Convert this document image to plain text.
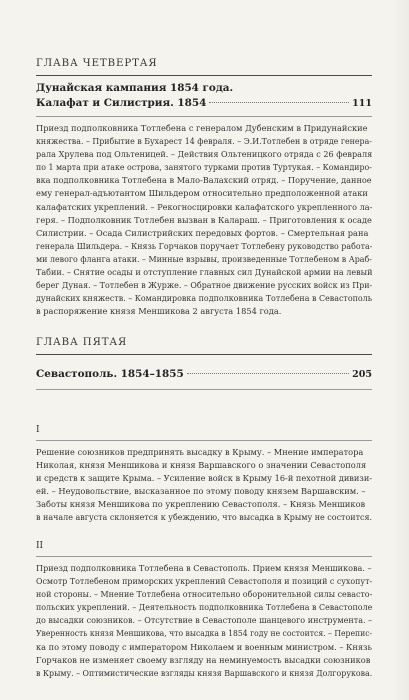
ГЛАВА ЧЕТВЕРТАЯ
Дунайская кампания 1854 года.
Калафат и Силистрия. 1854	111
Приезд подполковника Тотлебена с генералом Дубенским в Придунайские
княжества. – Прибытие в Бухарест 14 февраля. – Э.И.Тотлебен в отряде генера-
рала Хрулева под Ольтеницей. – Действия Ольтеницкого отряда с 26 февраля
по 1 марта при атаке острова, занятого турками против Туртукая. – Командиро-
вка подполковника Тотлебена в Мало-Валахский отряд. – Поручение, данное
ему генерал-адъютантом Шильдером относительно предположенной атаки
калафатских укреплений. – Рекогносцировки калафатского укрепленного ла-
геря. – Подполковник Тотлебен вызван в Калараш. – Приготовления к осаде
Силистрии. – Осада Силистрийских передовых фортов. – Смертельная рана
генерала Шильдера. – Князь Горчаков поручает Тотлебену руководство работа-
ми левого фланга атаки. – Минные взрывы, произведенные Тотлебеном в Араб-
Табии. – Снятие осады и отступление главных сил Дунайской армии на левый
берег Дуная. – Тотлебен в Журже. – Обратное движение русских войск из При-
дунайских княжеств. – Командировка подполковника Тотлебена в Севастополь
в распоряжение князя Меншикова 2 августа 1854 года.
ГЛАВА ПЯТАЯ
Севастополь. 1854–1855	205
I
Решение союзников предпринять высадку в Крыму. – Мнение императора
Николая, князя Меншикова и князя Варшавского о значении Севастополя
и средств к защите Крыма. – Усиление войск в Крыму 16-й пехотной дивизи-
ей. – Неудовольствие, высказанное по этому поводу князем Варшавским. –
Заботы князя Меншикова по укреплению Севастополя. – Князь Меншиков
в начале августа склоняется к убеждению, что высадка в Крыму не состоится.
II
Приезд подполковника Тотлебена в Севастополь. Прием князя Меншикова. –
Осмотр Тотлебеном приморских укреплений Севастополя и позиций с сухопут-
ной стороны. – Мнение Тотлебена относительно оборонительной силы севасто-
польских укреплений. – Деятельность подполковника Тотлебена в Севастополе
до высадки союзников. – Отсутствие в Севастополе шанцевого инструмента. –
Уверенность князя Меншикова, что высадка в 1854 году не состоится. – Перепис-
ка по этому поводу с императором Николаем и военным министром. – Князь
Горчаков не изменяет своему взгляду на неминуемость высадки союзников
в Крыму. – Оптимистические взгляды князя Варшавского и князя Долгорукова.
